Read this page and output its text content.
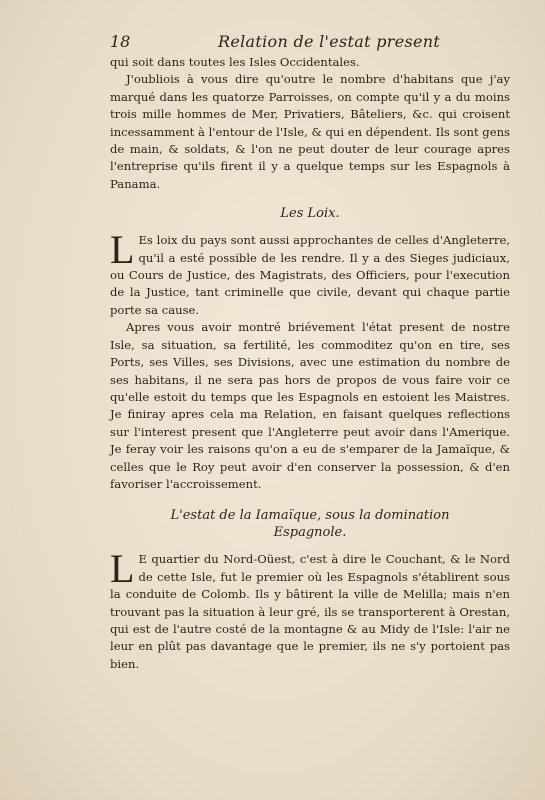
18	Relation de l'estat present

qui soit dans toutes les Isles Occidentales.

J'oubliois à vous dire qu'outre le nombre d'habitans que j'ay marqué dans les quatorze Parroisses, on compte qu'il y a du moins trois mille hommes de Mer, Privatiers, Bâteliers, &c. qui croisent incessamment à l'entour de l'Isle, & qui en dépendent. Ils sont gens de main, & soldats, & l'on ne peut douter de leur courage apres l'entreprise qu'ils firent il y a quelque temps sur les Espagnols à Panama.

Les Loix.

L Es loix du pays sont aussi approchantes de celles d'Angleterre, qu'il a esté possible de les rendre. Il y a des Sieges judiciaux, ou Cours de Justice, des Magistrats, des Officiers, pour l'execution de la Justice, tant criminelle que civile, devant qui chaque partie porte sa cause.

Apres vous avoir montré briévement l'état present de nostre Isle, sa situation, sa fertilité, les commoditez qu'on en tire, ses Ports, ses Villes, ses Divisions, avec une estimation du nombre de ses habitans, il ne sera pas hors de propos de vous faire voir ce qu'elle estoit du temps que les Espagnols en estoient les Maistres. Je finiray apres cela ma Relation, en faisant quelques reflections sur l'interest present que l'Angleterre peut avoir dans l'Amerique. Je feray voir les raisons qu'on a eu de s'emparer de la Jamaïque, & celles que le Roy peut avoir d'en conserver la possession, & d'en favoriser l'accroissement.

L'estat de la Iamaïque, sous la domination
Espagnole.

L E quartier du Nord-Oüest, c'est à dire le Couchant, & le Nord de cette Isle, fut le premier où les Espagnols s'établirent sous la conduite de Colomb. Ils y bâtirent la ville de Melilla; mais n'en trouvant pas la situation à leur gré, ils se transporterent à Orestan, qui est de l'autre costé de la montagne & au Midy de l'Isle: l'air ne leur en plût pas davantage que le premier, ils ne s'y portoient pas bien.
